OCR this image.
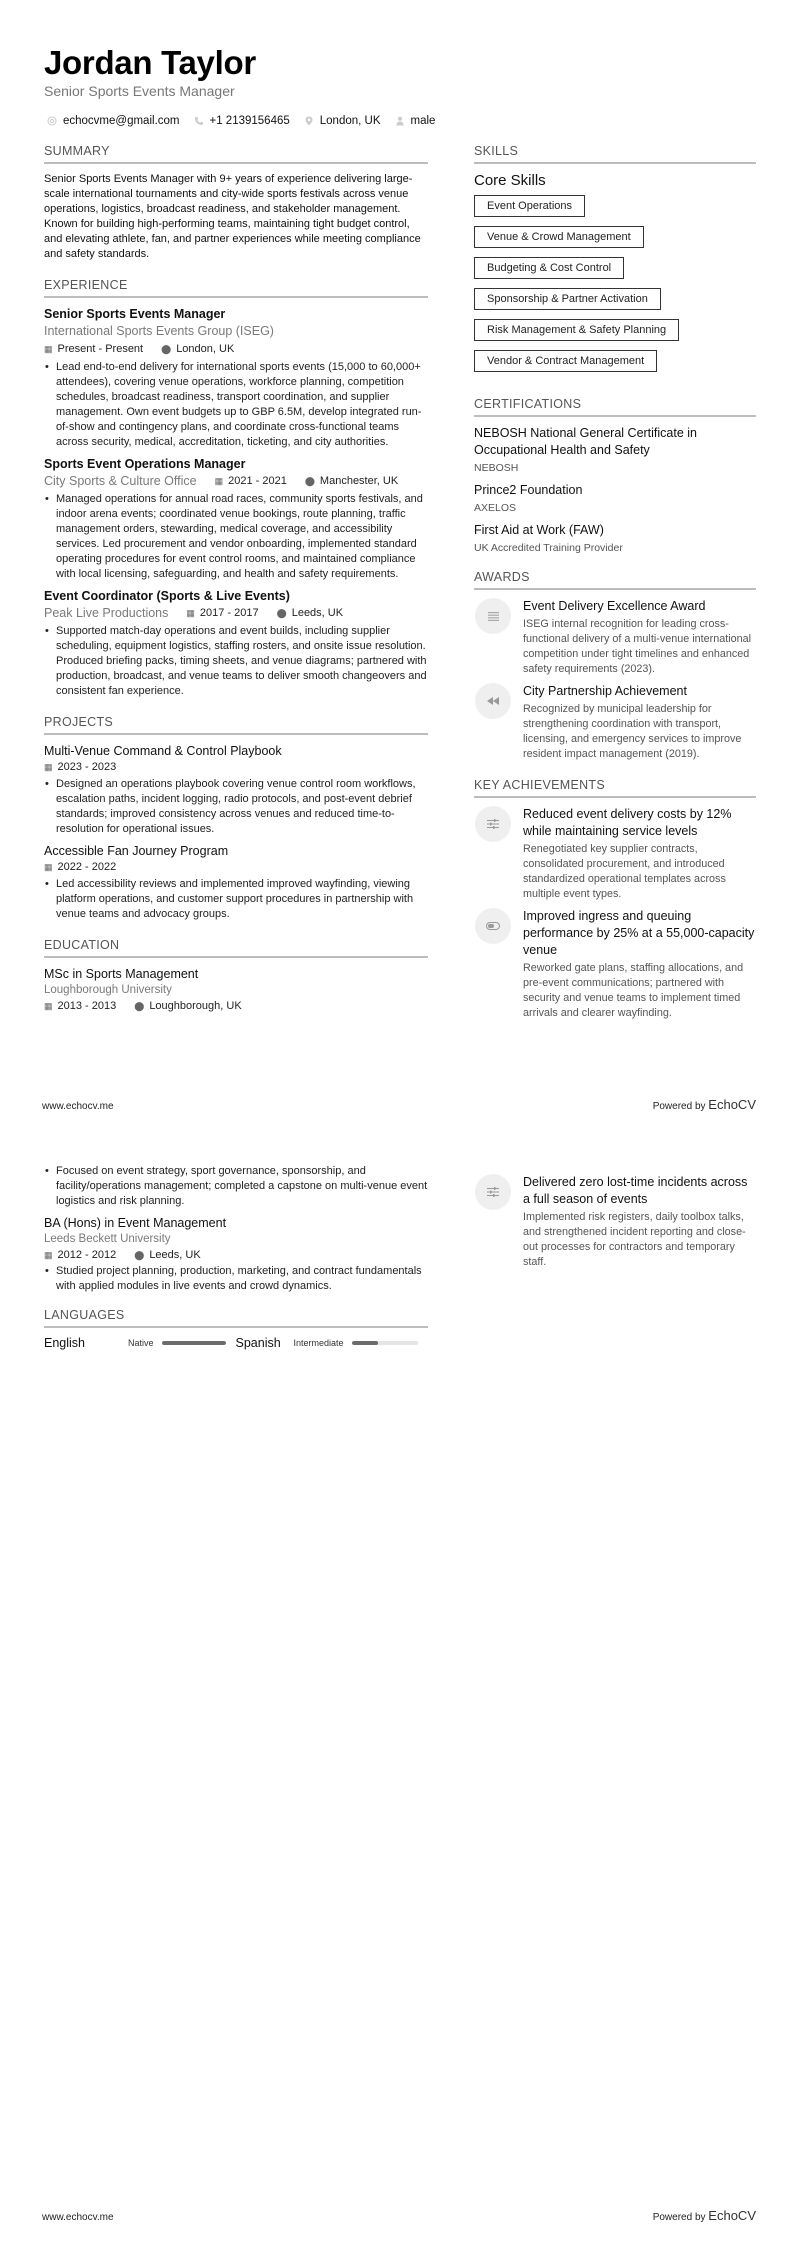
Jordan Taylor
Senior Sports Events Manager
echocvme@gmail.com	+1 2139156465	London, UK	male
SUMMARY
Senior Sports Events Manager with 9+ years of experience delivering large-scale international tournaments and city-wide sports festivals across venue operations, logistics, broadcast readiness, and stakeholder management. Known for building high-performing teams, maintaining tight budget control, and elevating athlete, fan, and partner experiences while meeting compliance and safety standards.
EXPERIENCE
Senior Sports Events Manager
International Sports Events Group (ISEG)
▦ Present - Present ⬤ London, UK
• Lead end-to-end delivery for international sports events (15,000 to 60,000+ attendees), covering venue operations, workforce planning, competition schedules, broadcast readiness, transport coordination, and supplier management. Own event budgets up to GBP 6.5M, develop integrated run-of-show and contingency plans, and coordinate cross-functional teams across security, medical, accreditation, ticketing, and city authorities.
Sports Event Operations Manager
City Sports & Culture Office ▦ 2021 - 2021 ⬤ Manchester, UK
• Managed operations for annual road races, community sports festivals, and indoor arena events; coordinated venue bookings, route planning, traffic management orders, stewarding, medical coverage, and accessibility services. Led procurement and vendor onboarding, implemented standard operating procedures for event control rooms, and maintained compliance with local licensing, safeguarding, and health and safety requirements.
Event Coordinator (Sports & Live Events)
Peak Live Productions ▦ 2017 - 2017 ⬤ Leeds, UK
• Supported match-day operations and event builds, including supplier scheduling, equipment logistics, staffing rosters, and onsite issue resolution. Produced briefing packs, timing sheets, and venue diagrams; partnered with production, broadcast, and venue teams to deliver smooth changeovers and consistent fan experience.
PROJECTS
Multi-Venue Command & Control Playbook
▦ 2023 - 2023
• Designed an operations playbook covering venue control room workflows, escalation paths, incident logging, radio protocols, and post-event debrief standards; improved consistency across venues and reduced time-to-resolution for operational issues.
Accessible Fan Journey Program
▦ 2022 - 2022
• Led accessibility reviews and implemented improved wayfinding, viewing platform operations, and customer support procedures in partnership with venue teams and advocacy groups.
EDUCATION
MSc in Sports Management
Loughborough University
▦ 2013 - 2013 ⬤ Loughborough, UK
SKILLS
Core Skills
Event Operations
Venue & Crowd Management
Budgeting & Cost Control
Sponsorship & Partner Activation
Risk Management & Safety Planning
Vendor & Contract Management
CERTIFICATIONS
NEBOSH National General Certificate in Occupational Health and Safety
NEBOSH
Prince2 Foundation
AXELOS
First Aid at Work (FAW)
UK Accredited Training Provider
AWARDS
Event Delivery Excellence Award
ISEG internal recognition for leading cross-functional delivery of a multi-venue international competition under tight timelines and enhanced safety requirements (2023).
City Partnership Achievement
Recognized by municipal leadership for strengthening coordination with transport, licensing, and emergency services to improve resident impact management (2019).
KEY ACHIEVEMENTS
Reduced event delivery costs by 12% while maintaining service levels
Renegotiated key supplier contracts, consolidated procurement, and introduced standardized operational templates across multiple event types.
Improved ingress and queuing performance by 25% at a 55,000-capacity venue
Reworked gate plans, staffing allocations, and pre-event communications; partnered with security and venue teams to implement timed arrivals and clearer wayfinding.
www.echocv.me	Powered by EchoCV
• Focused on event strategy, sport governance, sponsorship, and facility/operations management; completed a capstone on multi-venue event logistics and risk planning.
BA (Hons) in Event Management
Leeds Beckett University
▦ 2012 - 2012 ⬤ Leeds, UK
• Studied project planning, production, marketing, and contract fundamentals with applied modules in live events and crowd dynamics.
LANGUAGES
English	Native	Spanish	Intermediate
Delivered zero lost-time incidents across a full season of events
Implemented risk registers, daily toolbox talks, and strengthened incident reporting and close-out processes for contractors and temporary staff.
www.echocv.me	Powered by EchoCV
